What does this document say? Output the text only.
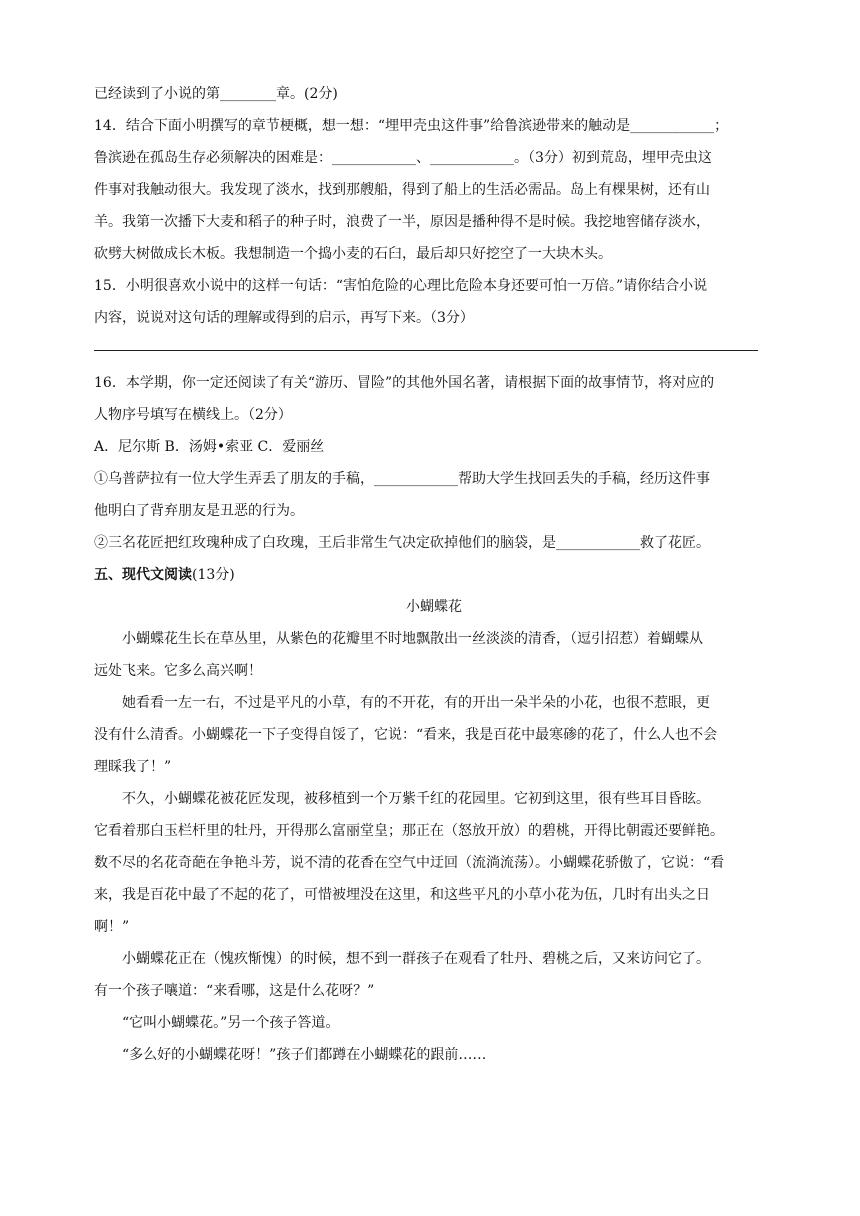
已经读到了小说的第________章。(2分)

14．结合下面小明撰写的章节梗概，想一想：“埋甲壳虫这件事”给鲁滨逊带来的触动是____________；

鲁滨逊在孤岛生存必须解决的困难是：____________、____________。（3分）初到荒岛，埋甲壳虫这

件事对我触动很大。我发现了淡水，找到那艘船，得到了船上的生活必需品。岛上有棵果树，还有山

羊。我第一次播下大麦和稻子的种子时，浪费了一半，原因是播种得不是时候。我挖地窖储存淡水，

砍劈大树做成长木板。我想制造一个捣小麦的石臼，最后却只好挖空了一大块木头。

15．小明很喜欢小说中的这样一句话：“害怕危险的心理比危险本身还要可怕一万倍。”请你结合小说

内容，说说对这句话的理解或得到的启示，再写下来。（3分）

16．本学期，你一定还阅读了有关“游历、冒险”的其他外国名著，请根据下面的故事情节，将对应的

人物序号填写在横线上。（2分）

A．尼尔斯 B．汤姆•索亚 C．爱丽丝

①乌普萨拉有一位大学生弄丢了朋友的手稿，____________帮助大学生找回丢失的手稿，经历这件事

他明白了背弃朋友是丑恶的行为。

②三名花匠把红玫瑰种成了白玫瑰，王后非常生气决定砍掉他们的脑袋，是____________救了花匠。

五、现代文阅读(13分)

小蝴蝶花

小蝴蝶花生长在草丛里，从紫色的花瓣里不时地飘散出一丝淡淡的清香，（逗引招惹）着蝴蝶从

远处飞来。它多么高兴啊！

她看看一左一右，不过是平凡的小草，有的不开花，有的开出一朵半朵的小花，也很不惹眼，更

没有什么清香。小蝴蝶花一下子变得自馁了，它说：“看来，我是百花中最寒碜的花了，什么人也不会

理睬我了！”

不久，小蝴蝶花被花匠发现，被移植到一个万紫千红的花园里。它初到这里，很有些耳目昏眩。

它看着那白玉栏杆里的牡丹，开得那么富丽堂皇；那正在（怒放开放）的碧桃，开得比朝霞还要鲜艳。

数不尽的名花奇葩在争艳斗芳，说不清的花香在空气中迂回（流淌流荡）。小蝴蝶花骄傲了，它说：“看

来，我是百花中最了不起的花了，可惜被埋没在这里，和这些平凡的小草小花为伍，几时有出头之日

啊！”

小蝴蝶花正在（愧疚惭愧）的时候，想不到一群孩子在观看了牡丹、碧桃之后，又来访问它了。

有一个孩子嚷道：“来看哪，这是什么花呀？”

“它叫小蝴蝶花。”另一个孩子答道。

“多么好的小蝴蝶花呀！”孩子们都蹲在小蝴蝶花的跟前……
